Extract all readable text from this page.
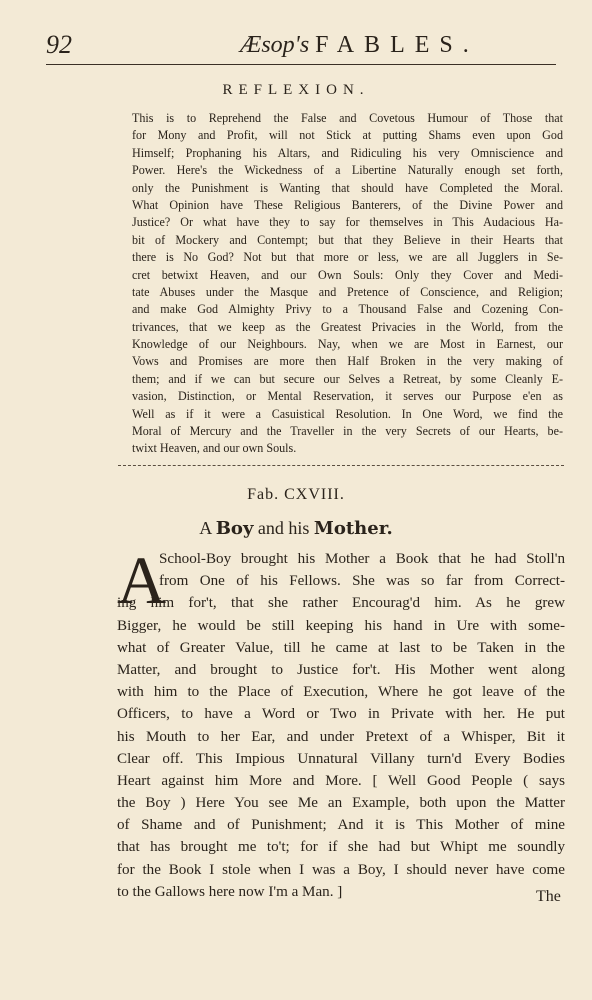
92	Æsop's FABLES.
REFLEXION.
This is to Reprehend the False and Covetous Humour of Those that
for Mony and Profit, will not Stick at putting Shams even upon God
Himself; Prophaning his Altars, and Ridiculing his very Omniscience and
Power. Here's the Wickedness of a Libertine Naturally enough set forth,
only the Punishment is Wanting that should have Completed the Moral.
What Opinion have These Religious Banterers, of the Divine Power and
Justice? Or what have they to say for themselves in This Audacious Ha-
bit of Mockery and Contempt; but that they Believe in their Hearts that
there is No God? Not but that more or less, we are all Jugglers in Se-
cret betwixt Heaven, and our Own Souls: Only they Cover and Medi-
tate Abuses under the Masque and Pretence of Conscience, and Religion;
and make God Almighty Privy to a Thousand False and Cozening Con-
trivances, that we keep as the Greatest Privacies in the World, from the
Knowledge of our Neighbours. Nay, when we are Most in Earnest, our
Vows and Promises are more then Half Broken in the very making of
them; and if we can but secure our Selves a Retreat, by some Cleanly E-
vasion, Distinction, or Mental Reservation, it serves our Purpose e'en as
Well as if it were a Casuistical Resolution. In One Word, we find the
Moral of Mercury and the Traveller in the very Secrets of our Hearts, be-
twixt Heaven, and our own Souls.
Fab. CXVIII.
A Boy and his Mother.
A
School-Boy brought his Mother a Book that he had Stoll'n
from One of his Fellows. She was so far from Correct-
ing him for't, that she rather Encourag'd him. As he grew
Bigger, he would be still keeping his hand in Ure with some-
what of Greater Value, till he came at last to be Taken in the
Matter, and brought to Justice for't. His Mother went along
with him to the Place of Execution, Where he got leave of the
Officers, to have a Word or Two in Private with her. He put
his Mouth to her Ear, and under Pretext of a Whisper, Bit it
Clear off. This Impious Unnatural Villany turn'd Every Bodies
Heart against him More and More. [ Well Good People ( says
the Boy ) Here You see Me an Example, both upon the Matter
of Shame and of Punishment; And it is This Mother of mine
that has brought me to't; for if she had but Whipt me soundly
for the Book I stole when I was a Boy, I should never have come
to the Gallows here now I'm a Man. ]	The
